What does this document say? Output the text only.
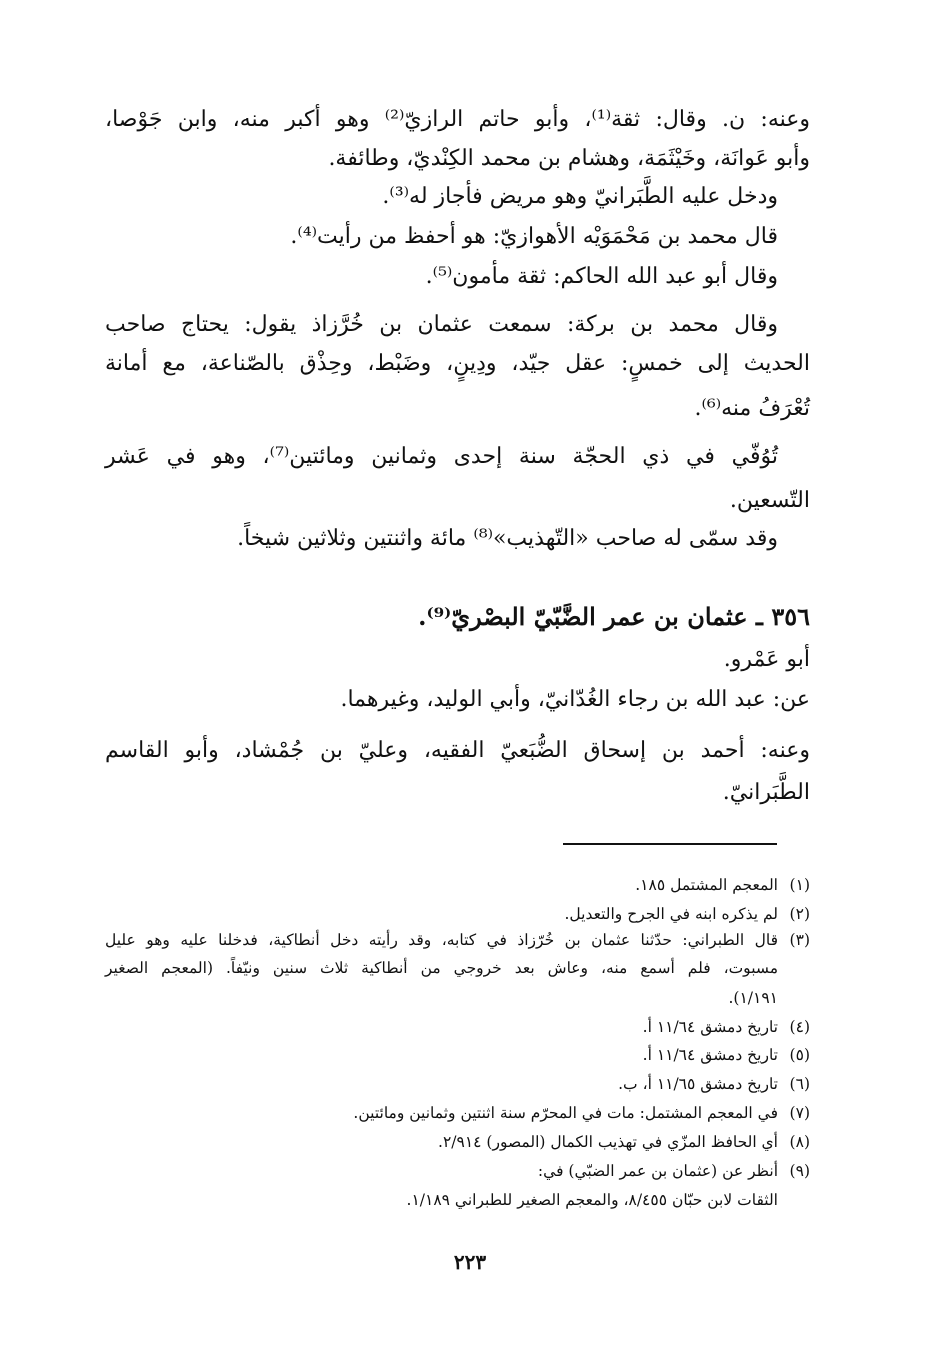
وعنه: ن. وقال: ثقة⁽¹⁾، وأبو حاتم الرازيّ⁽²⁾ وهو أكبر منه، وابن جَوْصا،
وأبو عَوانَة، وخَيْثَمَة، وهشام بن محمد الكِنْديّ، وطائفة.
ودخل عليه الطَّبَرانيّ وهو مريض فأجاز له⁽³⁾.
قال محمد بن مَحْمَوَيْه الأهوازيّ: هو أحفظ من رأيت⁽⁴⁾.
وقال أبو عبد الله الحاكم: ثقة مأمون⁽⁵⁾.
وقال محمد بن بركة: سمعت عثمان بن خُرَّزاذ يقول: يحتاج صاحب
الحديث إلى خمسٍ: عقل جيّد، ودِينٍ، وضَبْط، وحِذْق بالصّناعة، مع أمانة
تُعْرَفُ منه⁽⁶⁾.
تُوُفّي في ذي الحجّة سنة إحدى وثمانين ومائتين⁽⁷⁾، وهو في عَشر
التّسعين.
وقد سمّى له صاحب «التّهذيب»⁽⁸⁾ مائة واثنتين وثلاثين شيخاً.
٣٥٦ ـ عثمان بن عمر الضَّبّيّ البصْريّ⁽⁹⁾.
أبو عَمْرو.
عن: عبد الله بن رجاء الغُدّانيّ، وأبي الوليد، وغيرهما.
وعنه: أحمد بن إسحاق الضُّبَعيّ الفقيه، وعليّ بن جُمْشاد، وأبو القاسم
الطَّبَرانيّ.
(١)المعجم المشتمل ١٨٥.
(٢)لم يذكره ابنه في الجرح والتعديل.
(٣)قال الطبراني: حدّثنا عثمان بن خُرّزاذ في كتابه، وقد رأيته دخل أنطاكية، فدخلنا عليه وهو عليل
مسبوت، فلم أسمع منه، وعاش بعد خروجي من أنطاكية ثلاث سنين ونيّفاً. (المعجم الصغير
١/١٩١).
(٤)تاريخ دمشق ١١/٦٤ أ.
(٥)تاريخ دمشق ١١/٦٤ أ.
(٦)تاريخ دمشق ١١/٦٥ أ، ب.
(٧)في المعجم المشتمل: مات في المحرّم سنة اثنتين وثمانين ومائتين.
(٨)أي الحافظ المزّي في تهذيب الكمال (المصور) ٢/٩١٤.
(٩)أنظر عن (عثمان بن عمر الضبّي) في:
الثقات لابن حبّان ٨/٤٥٥، والمعجم الصغير للطبراني ١/١٨٩.
٢٢٣
